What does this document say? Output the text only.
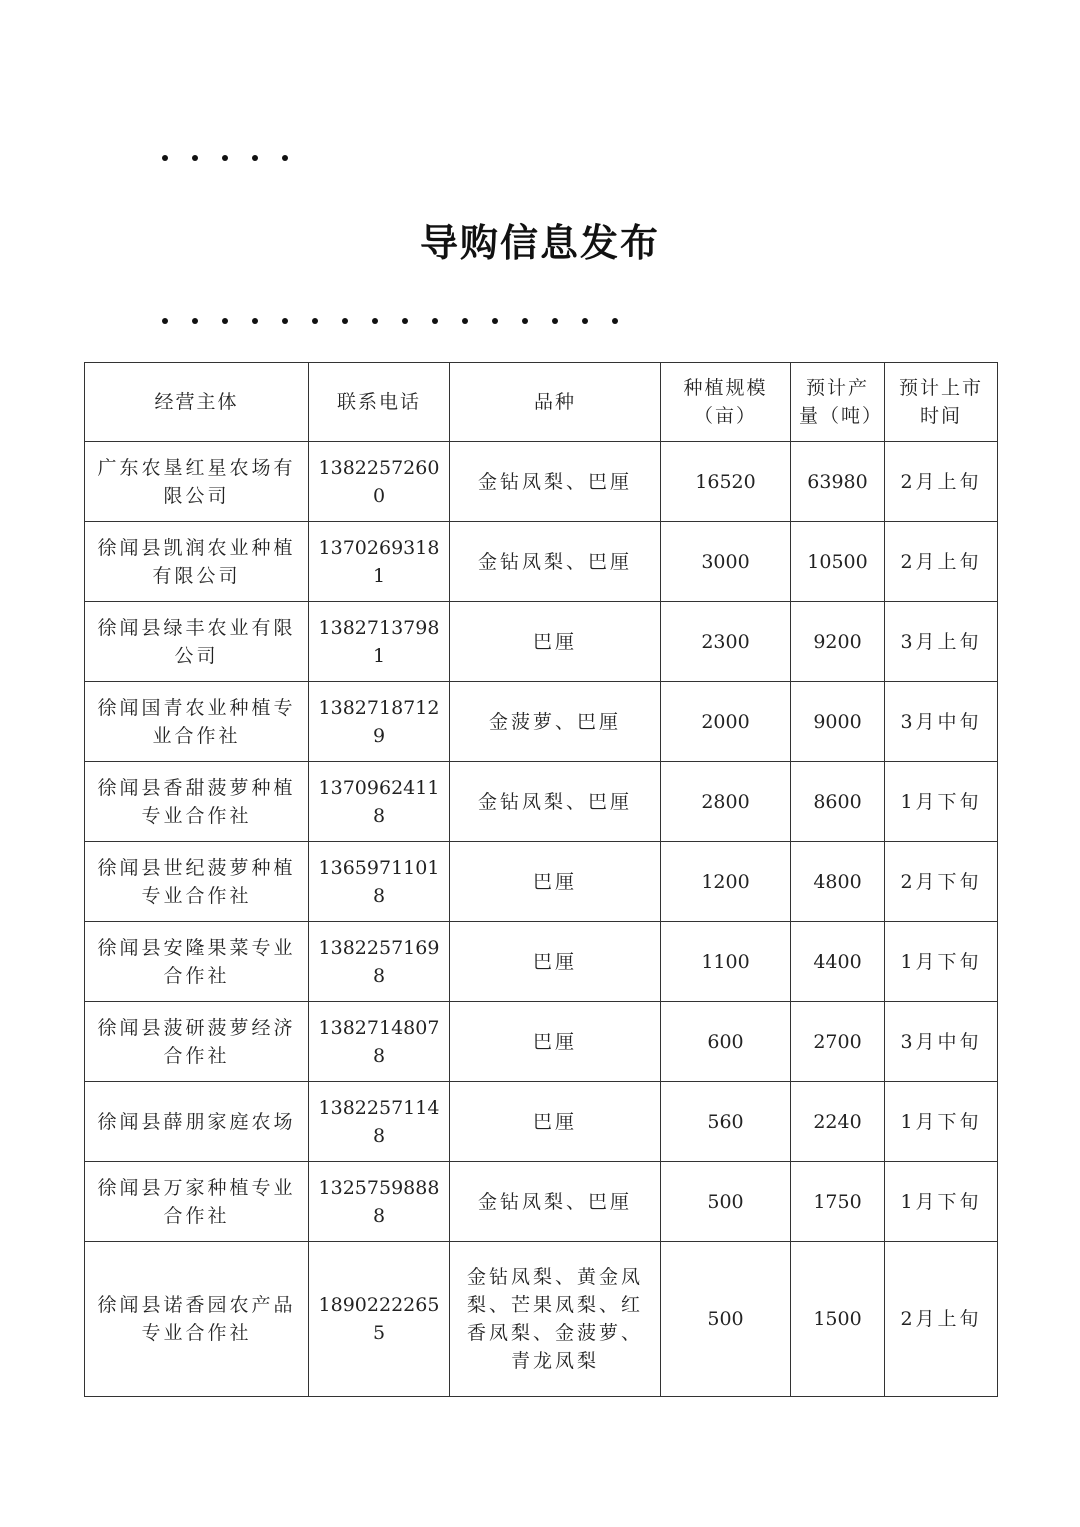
导购信息发布
经营主体	联系电话	品种	种植规模（亩）	预计产量（吨）	预计上市时间
广东农垦红星农场有限公司	13822572600	金钻凤梨、巴厘	16520	63980	2月上旬
徐闻县凯润农业种植有限公司	13702693181	金钻凤梨、巴厘	3000	10500	2月上旬
徐闻县绿丰农业有限公司	13827137981	巴厘	2300	9200	3月上旬
徐闻国青农业种植专业合作社	13827187129	金菠萝、巴厘	2000	9000	3月中旬
徐闻县香甜菠萝种植专业合作社	13709624118	金钻凤梨、巴厘	2800	8600	1月下旬
徐闻县世纪菠萝种植专业合作社	13659711018	巴厘	1200	4800	2月下旬
徐闻县安隆果菜专业合作社	13822571698	巴厘	1100	4400	1月下旬
徐闻县菠研菠萝经济合作社	13827148078	巴厘	600	2700	3月中旬
徐闻县薛朋家庭农场	13822571148	巴厘	560	2240	1月下旬
徐闻县万家种植专业合作社	13257598888	金钻凤梨、巴厘	500	1750	1月下旬
徐闻县诺香园农产品专业合作社	18902222655	金钻凤梨、黄金凤梨、芒果凤梨、红香凤梨、金菠萝、青龙凤梨	500	1500	2月上旬
